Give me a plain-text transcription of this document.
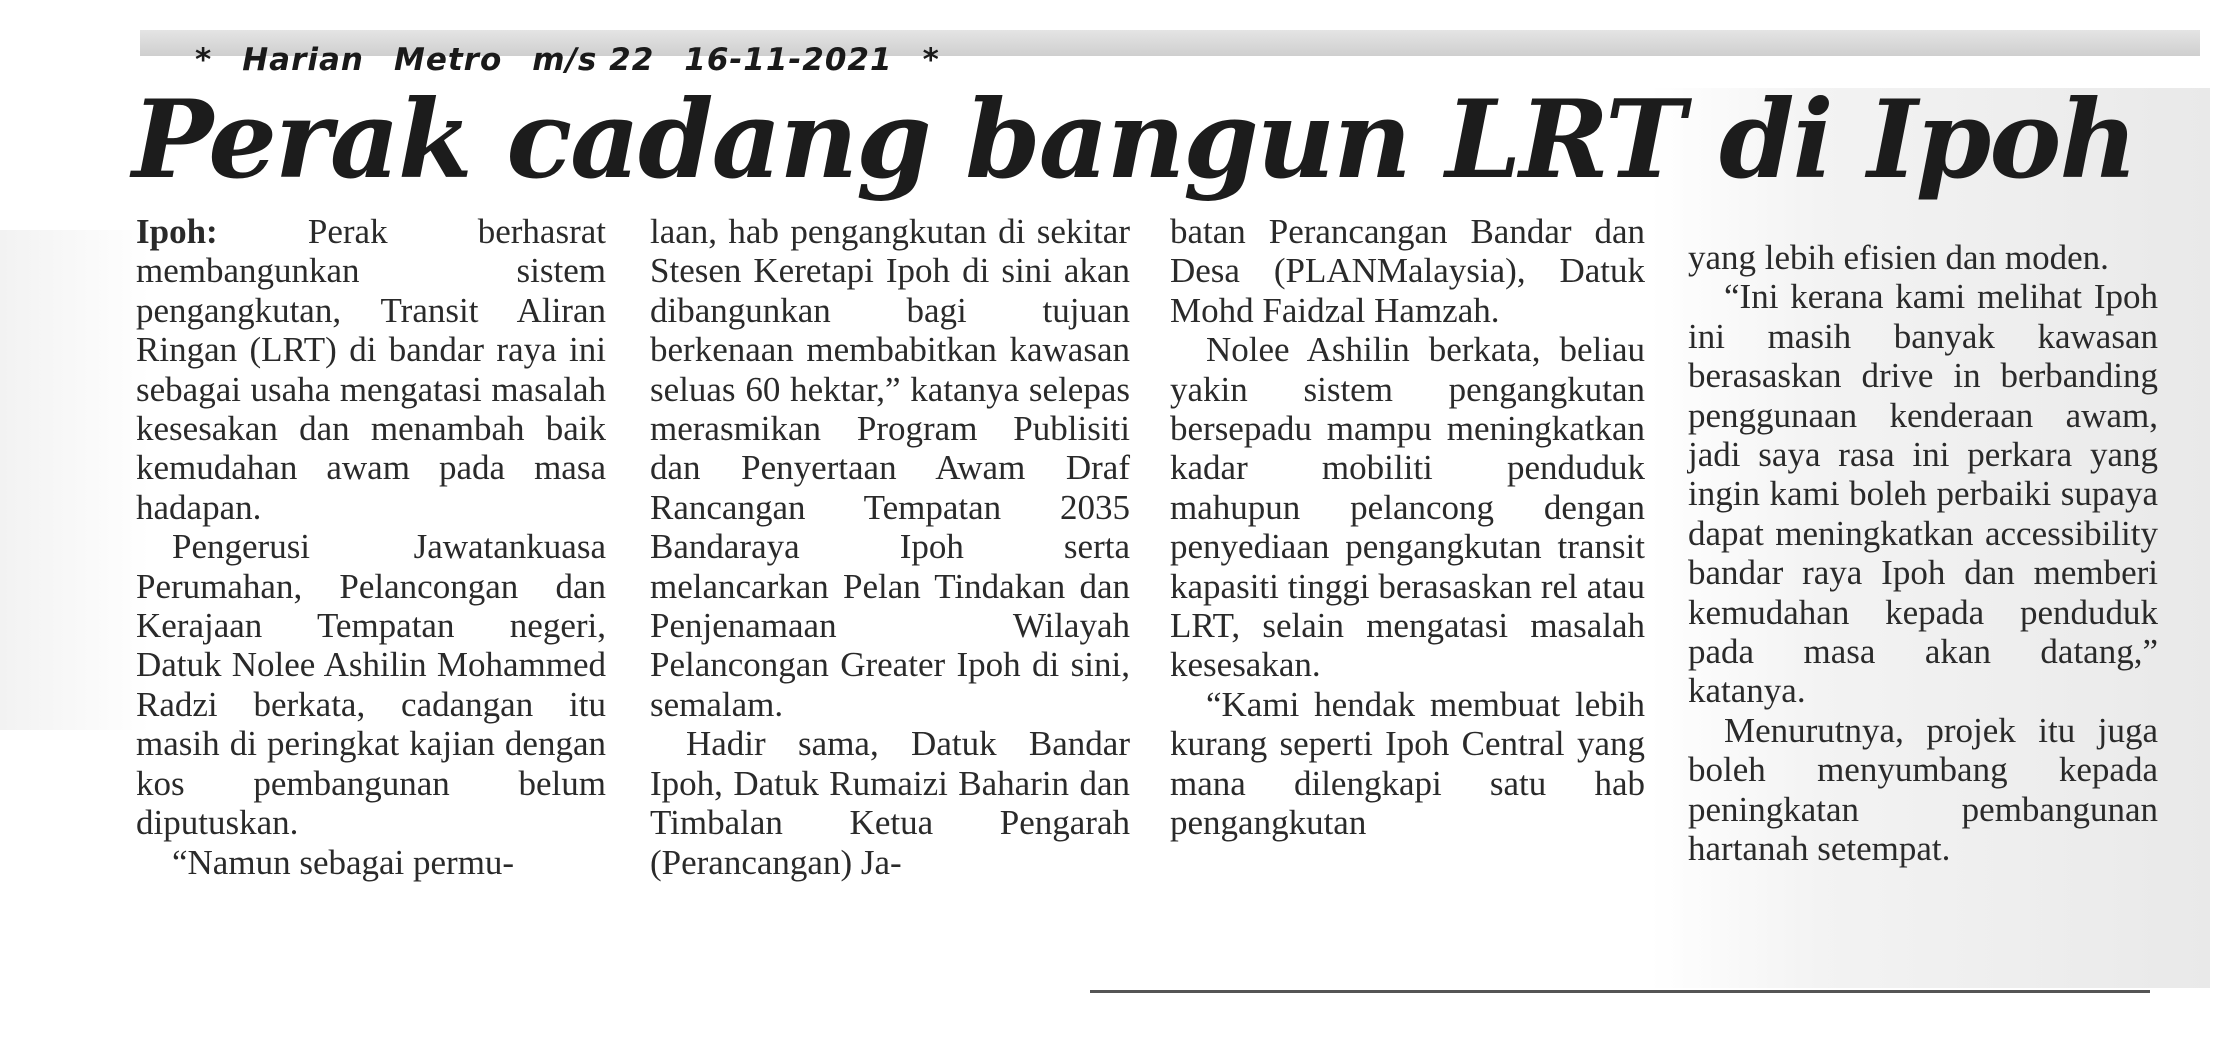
* Harian Metro m/s 22 16-11-2021 *
Perak cadang bangun LRT di Ipoh

Ipoh:	Perak berhasrat membangunkan sistem pengangkutan, Transit Aliran Ringan (LRT) di bandar raya ini sebagai usaha mengatasi masalah kesesakan dan menambah baik kemudahan awam pada masa hadapan.

Pengerusi Jawatankuasa Perumahan, Pelancongan dan Kerajaan Tempatan negeri, Datuk Nolee Ashilin Mohammed Radzi berkata, cadangan itu masih di peringkat kajian dengan kos pembangunan belum diputuskan.

“Namun sebagai permu-

laan, hab pengangkutan di sekitar Stesen Keretapi Ipoh di sini akan dibangunkan bagi tujuan berkenaan membabitkan kawasan seluas 60 hektar,” katanya selepas merasmikan Program Publisiti dan Penyertaan Awam Draf Rancangan Tempatan 2035 Bandaraya Ipoh serta melancarkan Pelan Tindakan dan Penjenamaan Wilayah Pelancongan Greater Ipoh di sini, semalam.

Hadir sama, Datuk Bandar Ipoh, Datuk Rumaizi Baharin dan Timbalan Ketua Pengarah (Perancangan) Ja-

batan Perancangan Bandar dan Desa (PLANMalaysia), Datuk Mohd Faidzal Hamzah.

Nolee Ashilin berkata, beliau yakin sistem pengangkutan bersepadu mampu meningkatkan kadar mobiliti penduduk mahupun pelancong dengan penyediaan pengangkutan transit kapasiti tinggi berasaskan rel atau LRT, selain mengatasi masalah kesesakan.

“Kami hendak membuat lebih kurang seperti Ipoh Central yang mana dilengkapi satu hab pengangkutan

yang lebih efisien dan moden.

“Ini kerana kami melihat Ipoh ini masih banyak kawasan berasaskan drive in berbanding penggunaan kenderaan awam, jadi saya rasa ini perkara yang ingin kami boleh perbaiki supaya dapat meningkatkan accessibility bandar raya Ipoh dan memberi kemudahan kepada penduduk pada masa akan datang,” katanya.

Menurutnya, projek itu juga boleh menyumbang kepada peningkatan pembangunan hartanah setempat.
